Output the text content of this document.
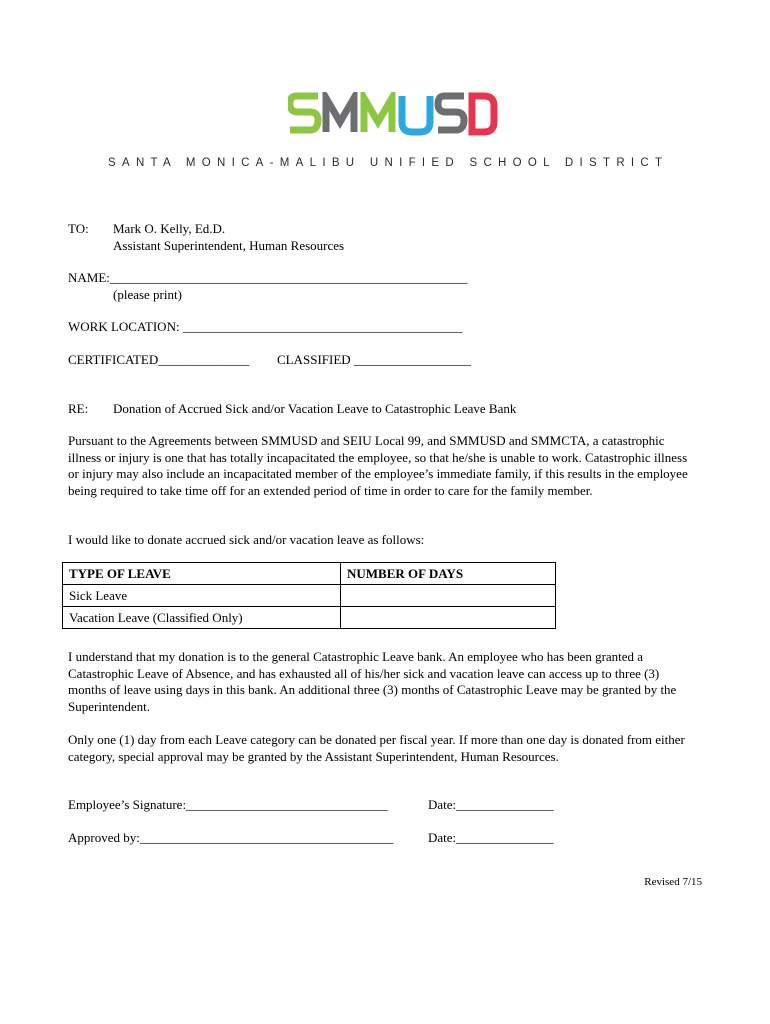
SANTA MONICA-MALIBU UNIFIED SCHOOL DISTRICT
TO: Mark O. Kelly, Ed.D.
Assistant Superintendent, Human Resources
NAME:_______________________________________________________
(please print)
WORK LOCATION: ___________________________________________
CERTIFICATED______________ CLASSIFIED __________________
RE: Donation of Accrued Sick and/or Vacation Leave to Catastrophic Leave Bank
Pursuant to the Agreements between SMMUSD and SEIU Local 99, and SMMUSD and SMMCTA, a catastrophic illness or injury is one that has totally incapacitated the employee, so that he/she is unable to work. Catastrophic illness or injury may also include an incapacitated member of the employee’s immediate family, if this results in the employee being required to take time off for an extended period of time in order to care for the family member.
I would like to donate accrued sick and/or vacation leave as follows:
TYPE OF LEAVE	NUMBER OF DAYS
Sick Leave	
Vacation Leave (Classified Only)	
I understand that my donation is to the general Catastrophic Leave bank. An employee who has been granted a Catastrophic Leave of Absence, and has exhausted all of his/her sick and vacation leave can access up to three (3) months of leave using days in this bank. An additional three (3) months of Catastrophic Leave may be granted by the Superintendent.
Only one (1) day from each Leave category can be donated per fiscal year. If more than one day is donated from either category, special approval may be granted by the Assistant Superintendent, Human Resources.
Employee’s Signature:_______________________________	Date:_______________
Approved by:_______________________________________	Date:_______________
Revised 7/15
